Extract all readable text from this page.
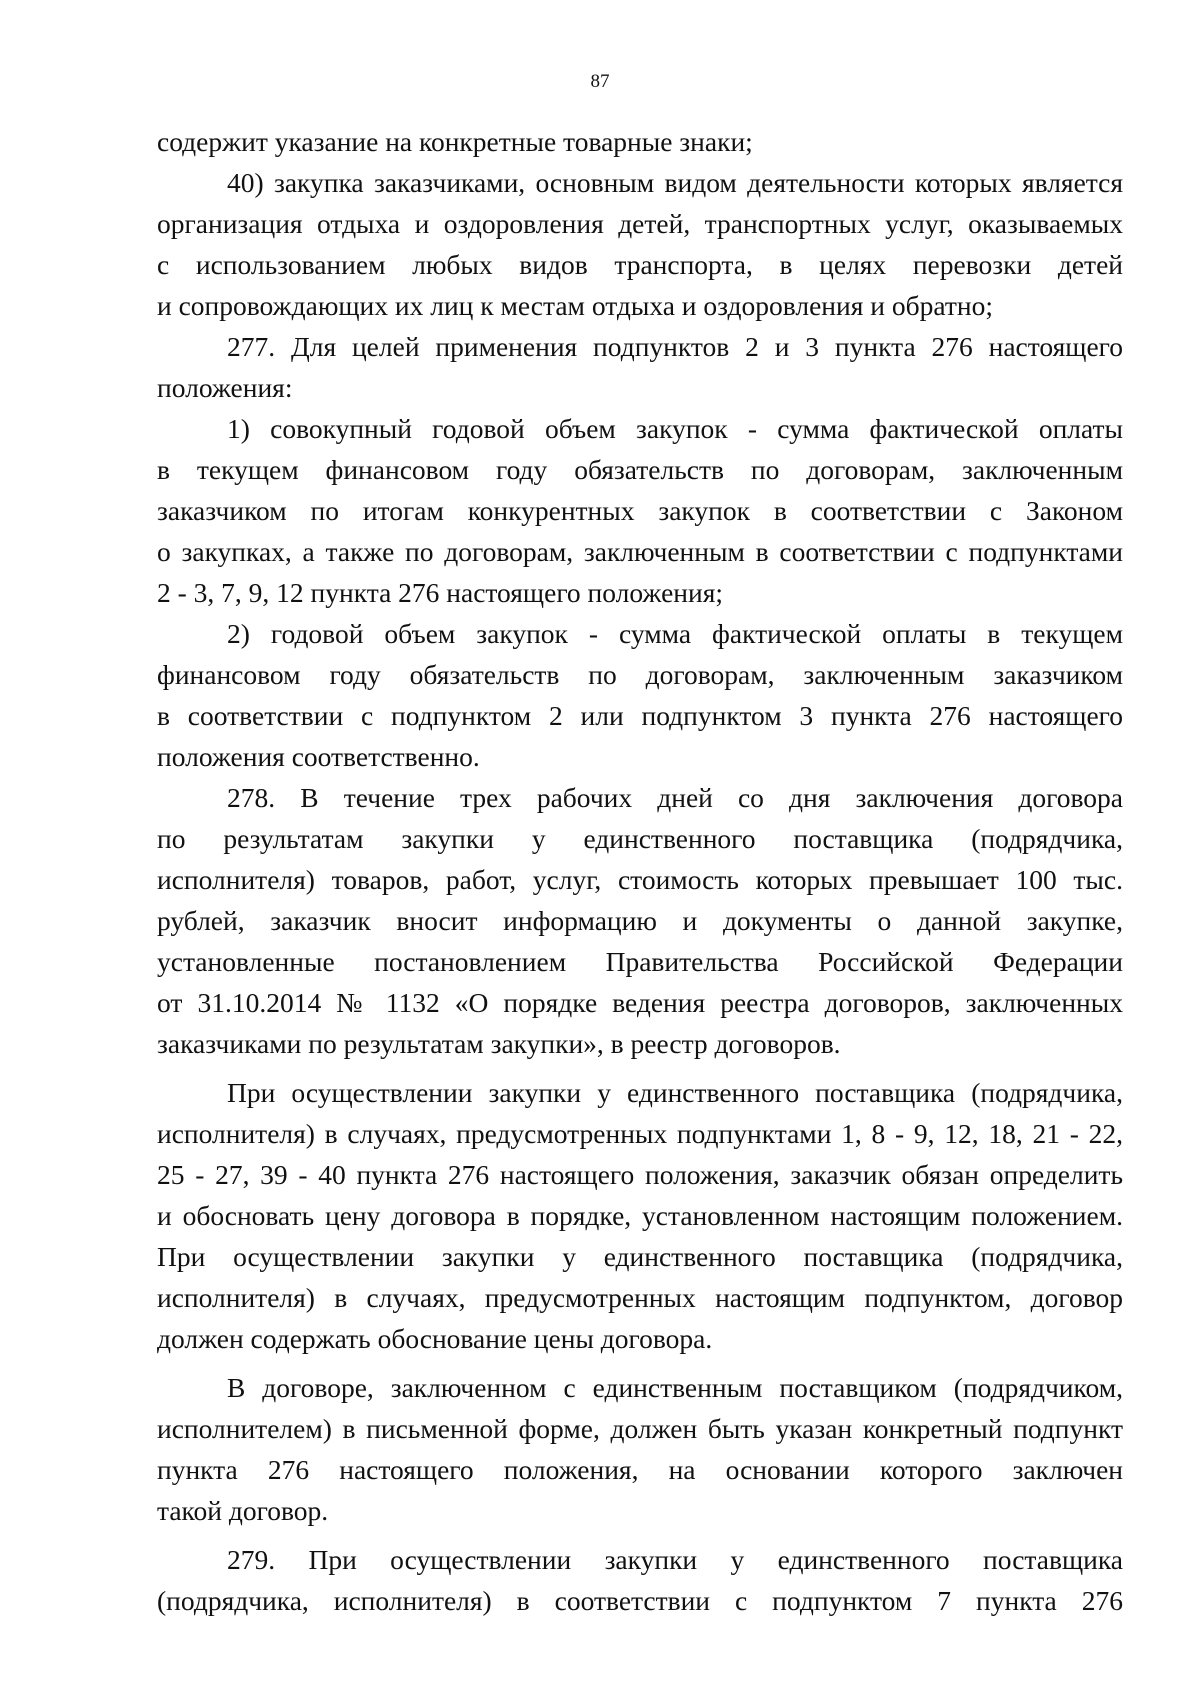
87
содержит указание на конкретные товарные знаки;
40) закупка заказчиками, основным видом деятельности которых является
организация отдыха и оздоровления детей, транспортных услуг, оказываемых
с использованием любых видов транспорта, в целях перевозки детей
и сопровождающих их лиц к местам отдыха и оздоровления и обратно;
277. Для целей применения подпунктов 2 и 3 пункта 276 настоящего
положения:
1) совокупный годовой объем закупок - сумма фактической оплаты
в текущем финансовом году обязательств по договорам, заключенным
заказчиком по итогам конкурентных закупок в соответствии с Законом
о закупках, а также по договорам, заключенным в соответствии с подпунктами
2 - 3, 7, 9, 12 пункта 276 настоящего положения;
2) годовой объем закупок - сумма фактической оплаты в текущем
финансовом году обязательств по договорам, заключенным заказчиком
в соответствии с подпунктом 2 или подпунктом 3 пункта 276 настоящего
положения соответственно.
278. В течение трех рабочих дней со дня заключения договора
по результатам закупки у единственного поставщика (подрядчика,
исполнителя) товаров, работ, услуг, стоимость которых превышает 100 тыс.
рублей, заказчик вносит информацию и документы о данной закупке,
установленные постановлением Правительства Российской Федерации
от 31.10.2014 № 1132 «О порядке ведения реестра договоров, заключенных
заказчиками по результатам закупки», в реестр договоров.
При осуществлении закупки у единственного поставщика (подрядчика,
исполнителя) в случаях, предусмотренных подпунктами 1, 8 - 9, 12, 18, 21 - 22,
25 - 27, 39 - 40 пункта 276 настоящего положения, заказчик обязан определить
и обосновать цену договора в порядке, установленном настоящим положением.
При осуществлении закупки у единственного поставщика (подрядчика,
исполнителя) в случаях, предусмотренных настоящим подпунктом, договор
должен содержать обоснование цены договора.
В договоре, заключенном с единственным поставщиком (подрядчиком,
исполнителем) в письменной форме, должен быть указан конкретный подпункт
пункта 276 настоящего положения, на основании которого заключен
такой договор.
279. При осуществлении закупки у единственного поставщика
(подрядчика, исполнителя) в соответствии с подпунктом 7 пункта 276
